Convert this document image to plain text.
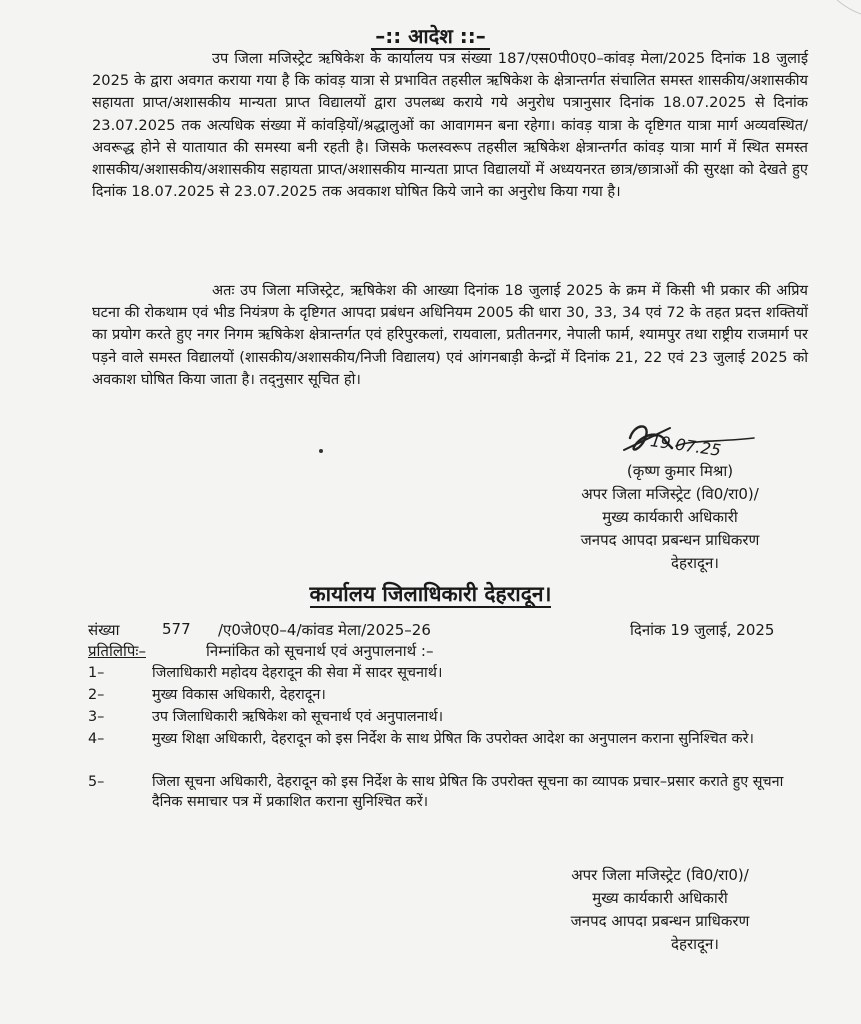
–:: आदेश ::–
उप जिला मजिस्ट्रेट ऋषिकेश के कार्यालय पत्र संख्या 187/एस0पी0ए0–कांवड़ मेला/2025 दिनांक 18 जुलाई 2025 के द्वारा अवगत कराया गया है कि कांवड़ यात्रा से प्रभावित तहसील ऋषिकेश के क्षेत्रान्तर्गत संचालित समस्त शासकीय/अशासकीय सहायता प्राप्त/अशासकीय मान्यता प्राप्त विद्यालयों द्वारा उपलब्ध कराये गये अनुरोध पत्रानुसार दिनांक 18.07.2025 से दिनांक 23.07.2025 तक अत्यधिक संख्या में कांवड़ियों/श्रद्धालुओं का आवागमन बना रहेगा। कांवड़ यात्रा के दृष्टिगत यात्रा मार्ग अव्यवस्थित/अवरूद्ध होने से यातायात की समस्या बनी रहती है। जिसके फलस्वरूप तहसील ऋषिकेश क्षेत्रान्तर्गत कांवड़ यात्रा मार्ग में स्थित समस्त शासकीय/अशासकीय/अशासकीय सहायता प्राप्त/अशासकीय मान्यता प्राप्त विद्यालयों में अध्ययनरत छात्र/छात्राओं की सुरक्षा को देखते हुए दिनांक 18.07.2025 से 23.07.2025 तक अवकाश घोषित किये जाने का अनुरोध किया गया है।
अतः उप जिला मजिस्ट्रेट, ऋषिकेश की आख्या दिनांक 18 जुलाई 2025 के क्रम में किसी भी प्रकार की अप्रिय घटना की रोकथाम एवं भीड नियंत्रण के दृष्टिगत आपदा प्रबंधन अधिनियम 2005 की धारा 30, 33, 34 एवं 72 के तहत प्रदत्त शक्तियों का प्रयोग करते हुए नगर निगम ऋषिकेश क्षेत्रान्तर्गत एवं हरिपुरकलां, रायवाला, प्रतीतनगर, नेपाली फार्म, श्यामपुर तथा राष्ट्रीय राजमार्ग पर पड़ने वाले समस्त विद्यालयों (शासकीय/अशासकीय/निजी विद्यालय) एवं आंगनबाड़ी केन्द्रों में दिनांक 21, 22 एवं 23 जुलाई 2025 को अवकाश घोषित किया जाता है। तद्नुसार सूचित हो।
19.07.25
(कृष्ण कुमार मिश्रा)
अपर जिला मजिस्ट्रेट (वि0/रा0)/
मुख्य कार्यकारी अधिकारी
जनपद आपदा प्रबन्धन प्राधिकरण
देहरादून।
कार्यालय जिलाधिकारी देहरादून।
संख्या	577 /ए0जे0ए0–4/कांवड मेला/2025–26	दिनांक 19 जुलाई, 2025
प्रतिलिपिः–	निम्नांकित को सूचनार्थ एवं अनुपालनार्थ :–
1–	जिलाधिकारी महोदय देहरादून की सेवा में सादर सूचनार्थ।
2–	मुख्य विकास अधिकारी, देहरादून।
3–	उप जिलाधिकारी ऋषिकेश को सूचनार्थ एवं अनुपालनार्थ।
4–	मुख्य शिक्षा अधिकारी, देहरादून को इस निर्देश के साथ प्रेषित कि उपरोक्त आदेश का अनुपालन कराना सुनिश्चित करे।
5–	जिला सूचना अधिकारी, देहरादून को इस निर्देश के साथ प्रेषित कि उपरोक्त सूचना का व्यापक प्रचार–प्रसार कराते हुए सूचना दैनिक समाचार पत्र में प्रकाशित कराना सुनिश्चित करें।
अपर जिला मजिस्ट्रेट (वि0/रा0)/
मुख्य कार्यकारी अधिकारी
जनपद आपदा प्रबन्धन प्राधिकरण
देहरादून।
